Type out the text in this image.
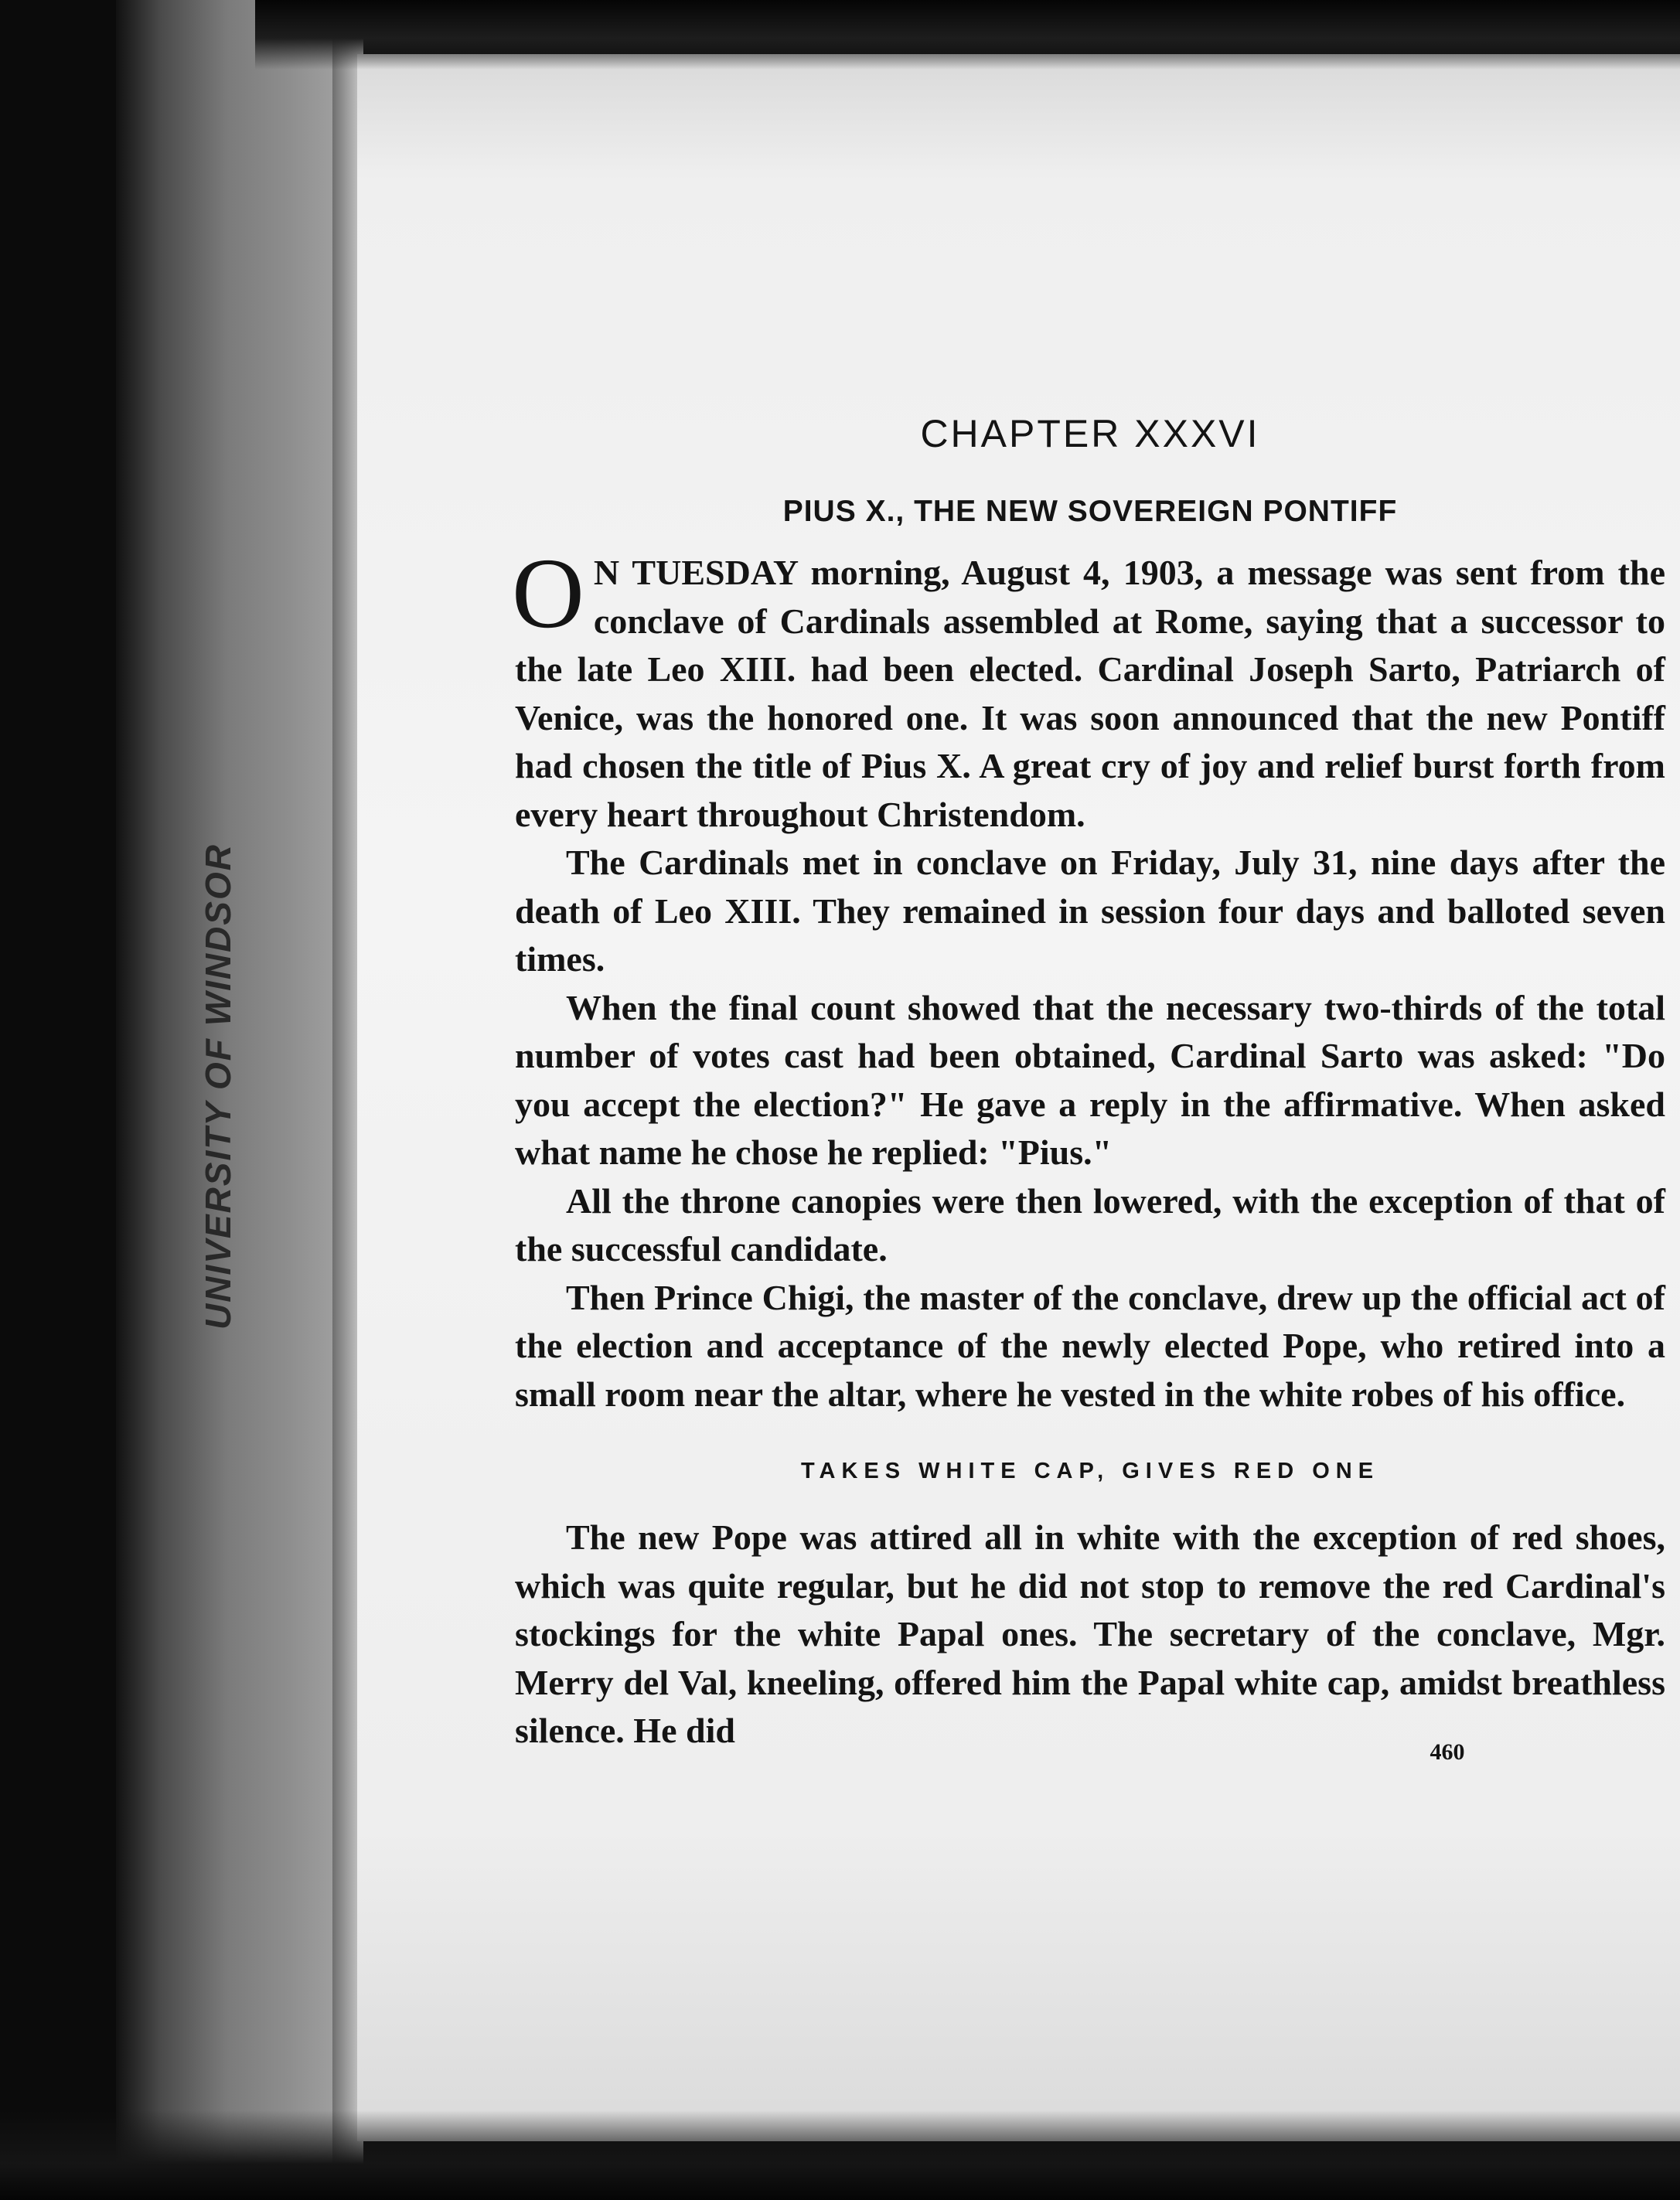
UNIVERSITY OF WINDSOR
CHAPTER XXXVI
PIUS X., THE NEW SOVEREIGN PONTIFF

O N TUESDAY morning, August 4, 1903, a message was sent from the conclave of Cardinals assembled at Rome, saying that a successor to the late Leo XIII. had been elected. Cardinal Joseph Sarto, Patriarch of Venice, was the honored one. It was soon announced that the new Pontiff had chosen the title of Pius X. A great cry of joy and relief burst forth from every heart throughout Christendom.

The Cardinals met in conclave on Friday, July 31, nine days after the death of Leo XIII. They remained in session four days and balloted seven times.

When the final count showed that the necessary two-thirds of the total number of votes cast had been obtained, Cardinal Sarto was asked: "Do you accept the election?" He gave a reply in the affirmative. When asked what name he chose he replied: "Pius."

All the throne canopies were then lowered, with the exception of that of the successful candidate.

Then Prince Chigi, the master of the conclave, drew up the official act of the election and acceptance of the newly elected Pope, who retired into a small room near the altar, where he vested in the white robes of his office.

TAKES WHITE CAP, GIVES RED ONE

The new Pope was attired all in white with the exception of red shoes, which was quite regular, but he did not stop to remove the red Cardinal's stockings for the white Papal ones. The secretary of the conclave, Mgr. Merry del Val, kneeling, offered him the Papal white cap, amidst breathless silence. He did

460
